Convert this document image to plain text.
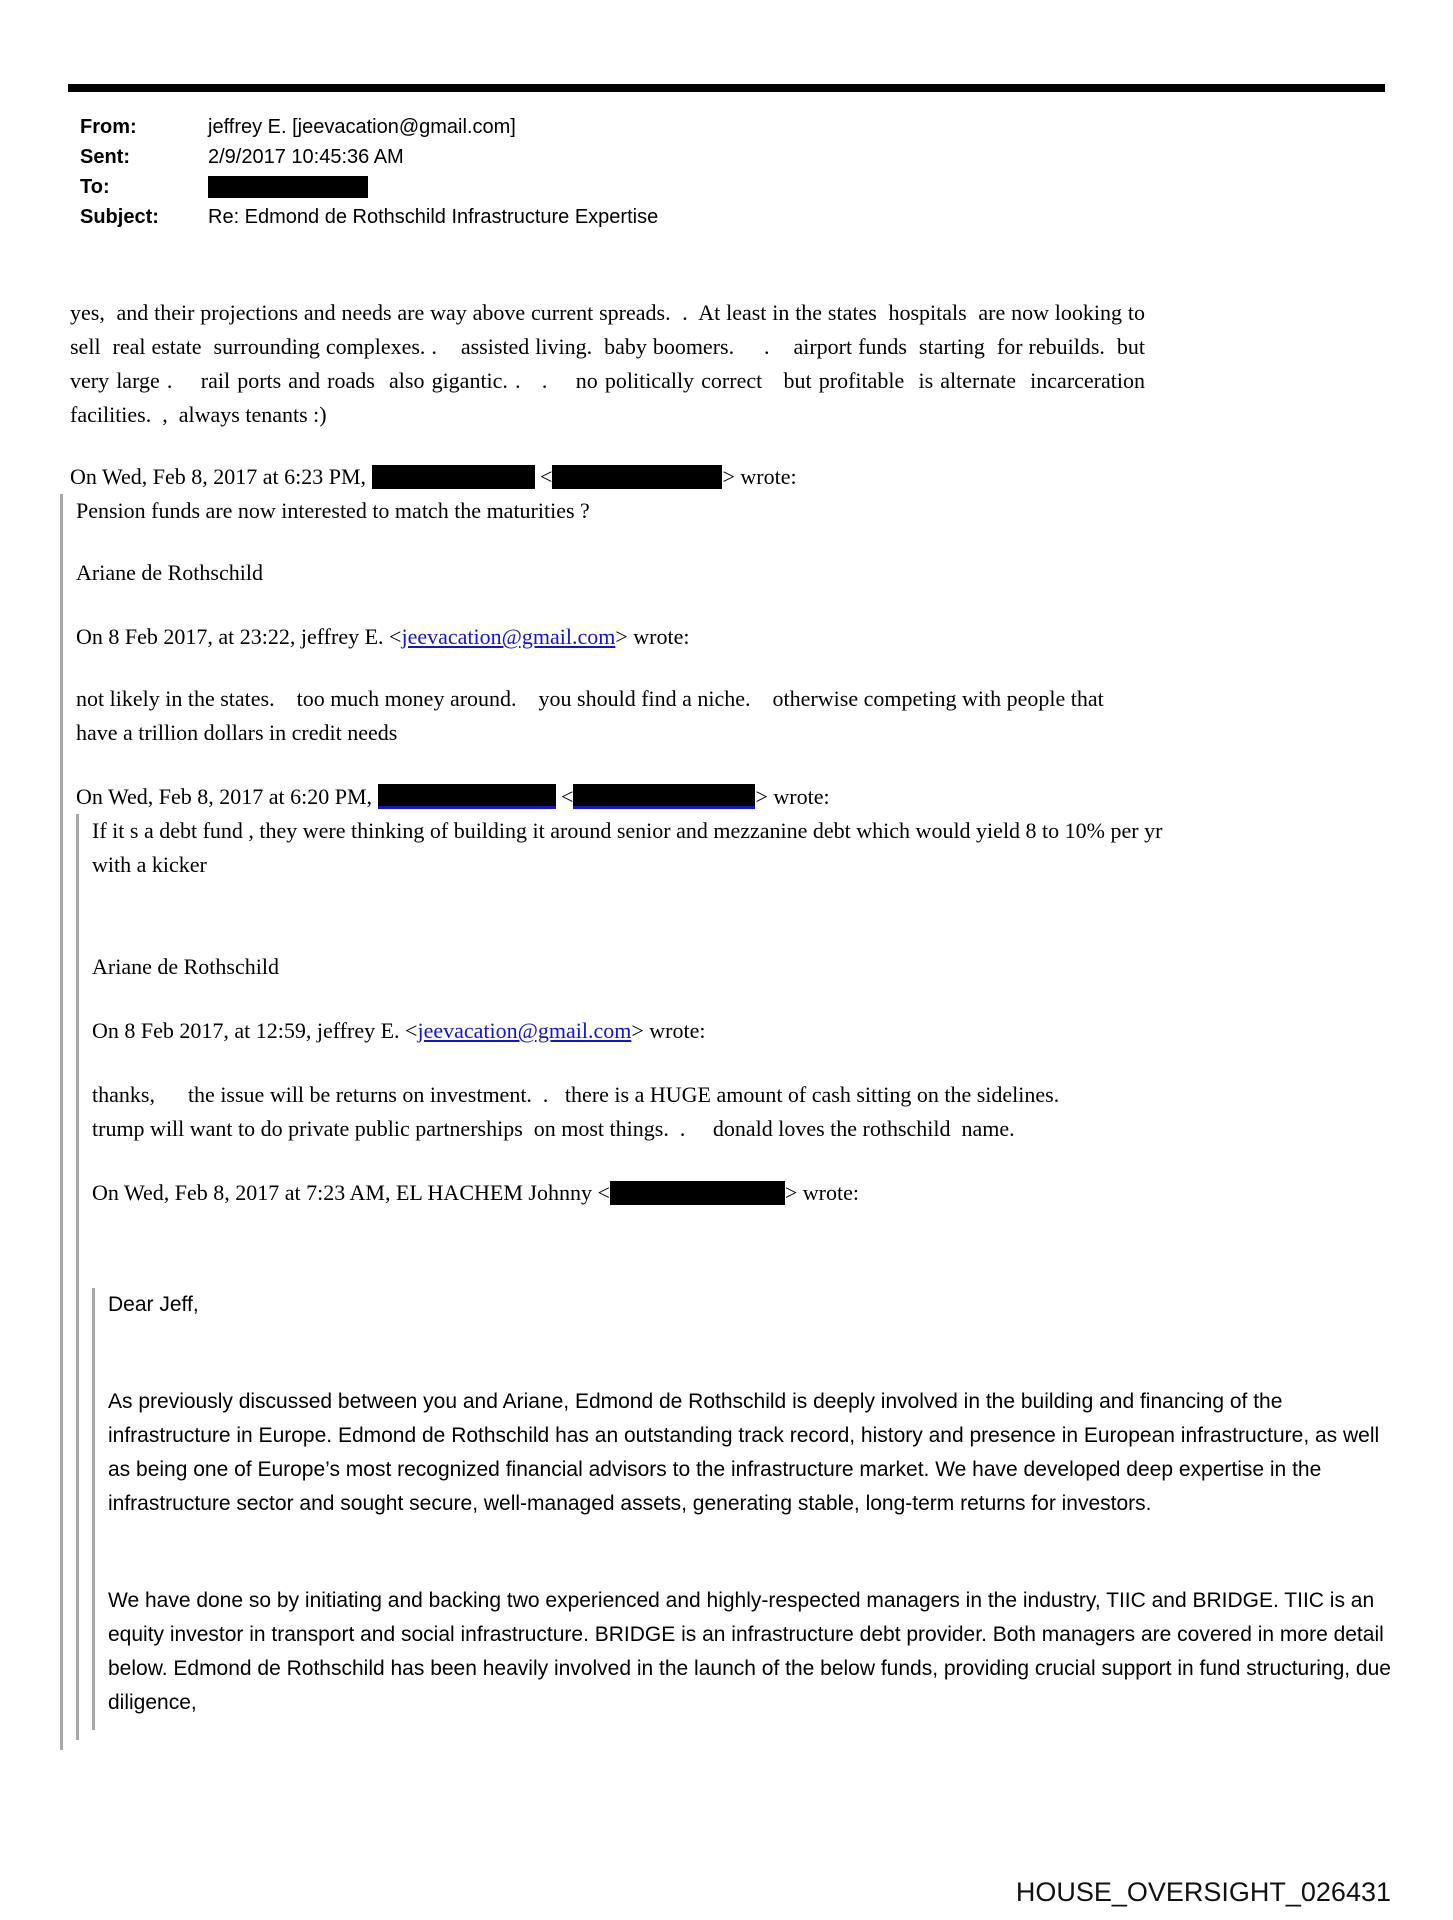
From:	jeffrey E. [jeevacation@gmail.com]
Sent:	2/9/2017 10:45:36 AM
To:
Subject:	Re: Edmond de Rothschild Infrastructure Expertise

yes,  and their projections and needs are way above current spreads.  .  At least in the states  hospitals  are now looking to sell  real estate  surrounding complexes. .    assisted living.  baby boomers.     .    airport funds  starting  for rebuilds.  but very large .    rail ports and roads  also gigantic. .   .    no politically correct   but profitable  is alternate  incarceration facilities.  ,  always tenants :)

On Wed, Feb 8, 2017 at 6:23 PM,	<	> wrote:

Pension funds are now interested to match the maturities ?

Ariane de Rothschild

On 8 Feb 2017, at 23:22, jeffrey E. <jeevacation@gmail.com> wrote:

not likely in the states.    too much money around.    you should find a niche.    otherwise competing with people that have a trillion dollars in credit needs

On Wed, Feb 8, 2017 at 6:20 PM,	<	> wrote:

If it s a debt fund , they were thinking of building it around senior and mezzanine debt which would yield 8 to 10% per yr with a kicker

Ariane de Rothschild

On 8 Feb 2017, at 12:59, jeffrey E. <jeevacation@gmail.com> wrote:

thanks,      the issue will be returns on investment.  .   there is a HUGE amount of cash sitting on the sidelines.    trump will want to do private public partnerships  on most things.  .     donald loves the rothschild  name.

On Wed, Feb 8, 2017 at 7:23 AM, EL HACHEM Johnny <	> wrote:

Dear Jeff,

As previously discussed between you and Ariane, Edmond de Rothschild is deeply involved in the building and financing of the infrastructure in Europe. Edmond de Rothschild has an outstanding track record, history and presence in European infrastructure, as well as being one of Europe’s most recognized financial advisors to the infrastructure market. We have developed deep expertise in the infrastructure sector and sought secure, well-managed assets, generating stable, long-term returns for investors.

We have done so by initiating and backing two experienced and highly-respected managers in the industry, TIIC and BRIDGE. TIIC is an equity investor in transport and social infrastructure. BRIDGE is an infrastructure debt provider. Both managers are covered in more detail below. Edmond de Rothschild has been heavily involved in the launch of the below funds, providing crucial support in fund structuring, due diligence,

HOUSE_OVERSIGHT_026431
